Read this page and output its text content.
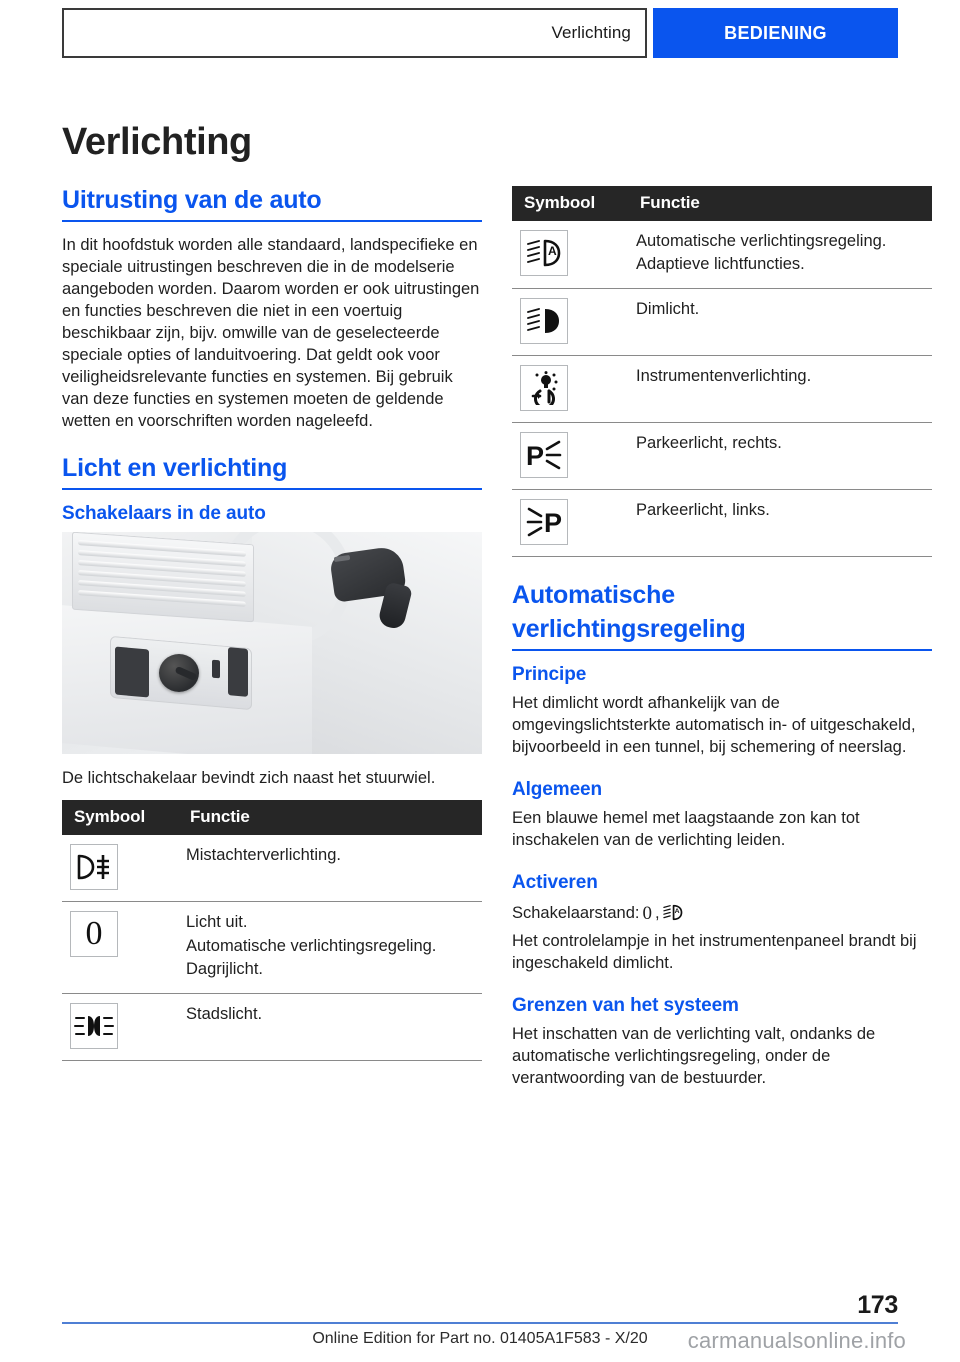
Verlichting	BEDIENING
Verlichting
Uitrusting van de auto

In dit hoofdstuk worden alle standaard, landspecifieke en speciale uitrustingen beschreven die in de modelserie aangeboden worden. Daarom worden er ook uitrustingen en functies beschreven die niet in een voertuig beschikbaar zijn, bijv. omwille van de geselecteerde speciale opties of landuitvoering. Dat geldt ook voor veiligheidsrelevante functies en systemen. Bij gebruik van deze functies en systemen moeten de geldende wetten en voorschriften worden nageleefd.

Licht en verlichting
Schakelaars in de auto

De lichtschakelaar bevindt zich naast het stuurwiel.

Symbool	Functie

Mistachterverlichting.

0	Licht uit.
Automatische verlichtingsregeling.
Dagrijlicht.

Stadslicht.
Symbool	Functie

A	Automatische verlichtingsregeling.
Adaptieve lichtfuncties.

Dimlicht.

Instrumentenverlichting.

P	Parkeerlicht, rechts.

P	Parkeerlicht, links.
Automatische
verlichtingsregeling
Principe

Het dimlicht wordt afhankelijk van de omgevingslichtsterkte automatisch in- of uitgeschakeld, bijvoorbeeld in een tunnel, bij schemering of neerslag.

Algemeen

Een blauwe hemel met laagstaande zon kan tot inschakelen van de verlichting leiden.

Activeren

Schakelaarstand: 0 , A

Het controlelampje in het instrumentenpaneel brandt bij ingeschakeld dimlicht.

Grenzen van het systeem

Het inschatten van de verlichting valt, ondanks de automatische verlichtingsregeling, onder de verantwoording van de bestuurder.

173
Online Edition for Part no. 01405A1F583 - X/20	carmanualsonline.info
